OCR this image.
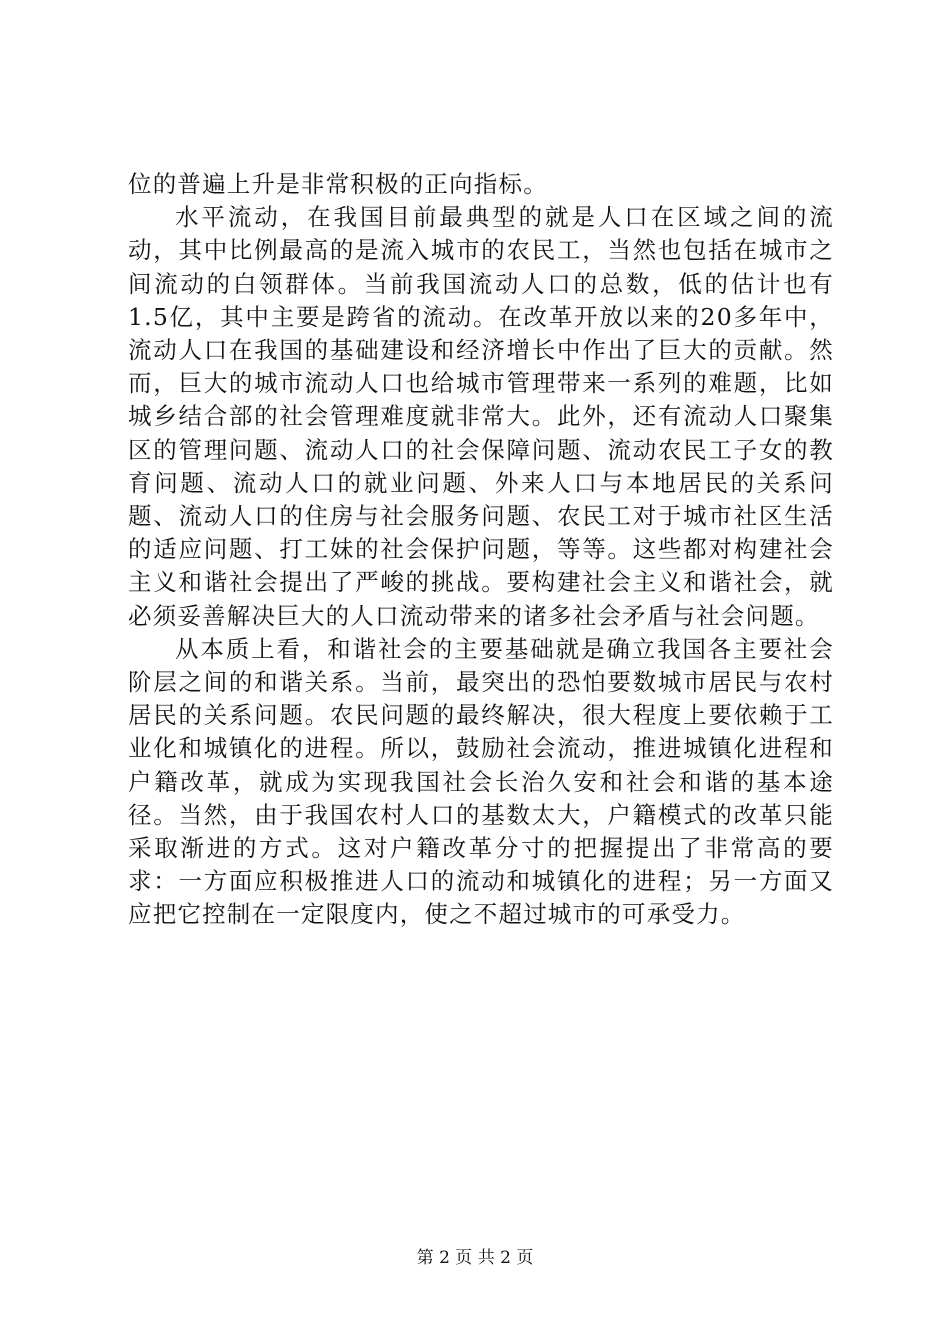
位的普遍上升是非常积极的正向指标。

水平流动，在我国目前最典型的就是人口在区域之间的流动，其中比例最高的是流入城市的农民工，当然也包括在城市之间流动的白领群体。当前我国流动人口的总数，低的估计也有1.5亿，其中主要是跨省的流动。在改革开放以来的20多年中，流动人口在我国的基础建设和经济增长中作出了巨大的贡献。然而，巨大的城市流动人口也给城市管理带来一系列的难题，比如城乡结合部的社会管理难度就非常大。此外，还有流动人口聚集区的管理问题、流动人口的社会保障问题、流动农民工子女的教育问题、流动人口的就业问题、外来人口与本地居民的关系问题、流动人口的住房与社会服务问题、农民工对于城市社区生活的适应问题、打工妹的社会保护问题，等等。这些都对构建社会主义和谐社会提出了严峻的挑战。要构建社会主义和谐社会，就必须妥善解决巨大的人口流动带来的诸多社会矛盾与社会问题。

从本质上看，和谐社会的主要基础就是确立我国各主要社会阶层之间的和谐关系。当前，最突出的恐怕要数城市居民与农村居民的关系问题。农民问题的最终解决，很大程度上要依赖于工业化和城镇化的进程。所以，鼓励社会流动，推进城镇化进程和户籍改革，就成为实现我国社会长治久安和社会和谐的基本途径。当然，由于我国农村人口的基数太大，户籍模式的改革只能采取渐进的方式。这对户籍改革分寸的把握提出了非常高的要求：一方面应积极推进人口的流动和城镇化的进程；另一方面又应把它控制在一定限度内，使之不超过城市的可承受力。

第 2 页 共 2 页
